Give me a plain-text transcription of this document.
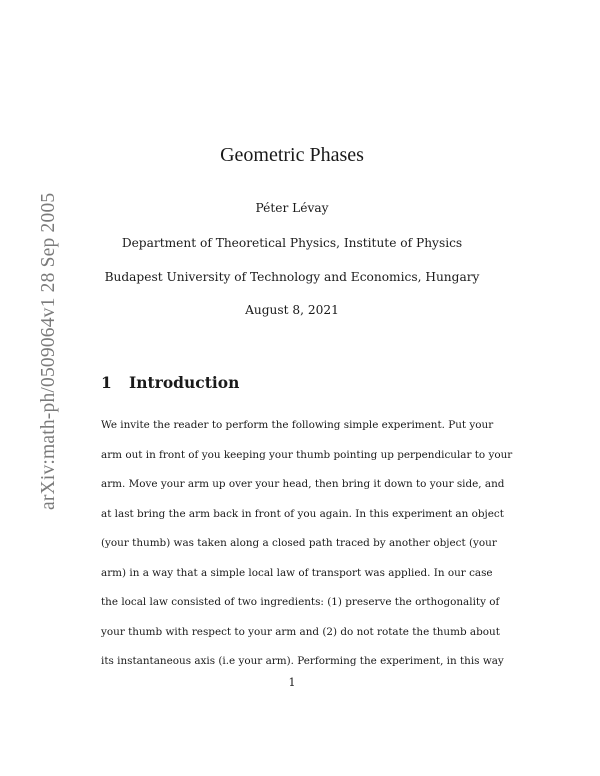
arXiv:math-ph/0509064v1 28 Sep 2005
Geometric Phases
Péter Lévay
Department of Theoretical Physics, Institute of Physics
Budapest University of Technology and Economics, Hungary
August 8, 2021
1 Introduction
We invite the reader to perform the following simple experiment. Put your
arm out in front of you keeping your thumb pointing up perpendicular to your
arm. Move your arm up over your head, then bring it down to your side, and
at last bring the arm back in front of you again. In this experiment an object
(your thumb) was taken along a closed path traced by another object (your
arm) in a way that a simple local law of transport was applied. In our case
the local law consisted of two ingredients: (1) preserve the orthogonality of
your thumb with respect to your arm and (2) do not rotate the thumb about
its instantaneous axis (i.e your arm). Performing the experiment, in this way
1
